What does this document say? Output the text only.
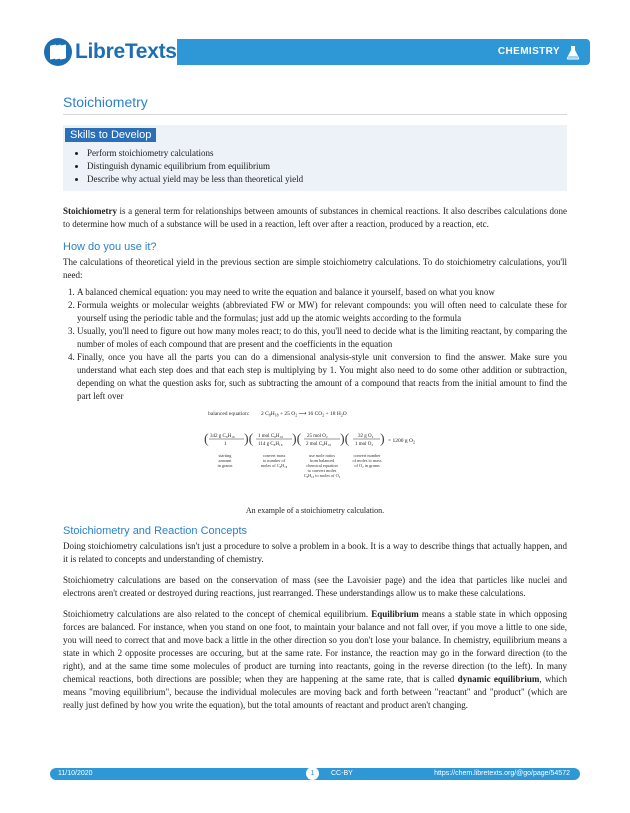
LibreTexts	CHEMISTRY
Stoichiometry
Skills to Develop
• Perform stoichiometry calculations
• Distinguish dynamic equilibrium from equilibrium
• Describe why actual yield may be less than theoretical yield

Stoichiometry is a general term for relationships between amounts of substances in chemical reactions. It also describes calculations done to determine how much of a substance will be used in a reaction, left over after a reaction, produced by a reaction, etc.

How do you use it?

The calculations of theoretical yield in the previous section are simple stoichiometry calculations. To do stoichiometry calculations, you'll need:

1. A balanced chemical equation: you may need to write the equation and balance it yourself, based on what you know
2. Formula weights or molecular weights (abbreviated FW or MW) for relevant compounds: you will often need to calculate these for yourself using the periodic table and the formulas; just add up the atomic weights according to the formula
3. Usually, you'll need to figure out how many moles react; to do this, you'll need to decide what is the limiting reactant, by comparing the number of moles of each compound that are present and the coefficients in the equation
4. Finally, once you have all the parts you can do a dimensional analysis-style unit conversion to find the answer. Make sure you understand what each step does and that each step is multiplying by 1. You might also need to do some other addition or subtraction, depending on what the question asks for, such as subtracting the amount of a compound that reacts from the initial amount to find the part left over
balanced equation: 2 $C_8H_{18} + 25$ $O_2$ ⟶ 16 $CO_2 + 18$ $H_2O$
( 342 g C₈H₁₈
1 )( 1 mol C₈H₁₈
114 g C₈H₁₈ )( 25 mol O₂
2 mol C₈H₁₈ )( 32 g O₂
1 mol O₂ ) = 1200 g $O_2$
starting
amount
in grams
convert mass
to number of
moles of C₈H₁₈
use mole ratios
from balanced
chemical equation
to convert moles
C₈H₁₈ to moles of O₂
convert number
of moles to mass
of O₂ in grams
An example of a stoichiometry calculation.
Stoichiometry and Reaction Concepts

Doing stoichiometry calculations isn't just a procedure to solve a problem in a book. It is a way to describe things that actually happen, and it is related to concepts and understanding of chemistry.

Stoichiometry calculations are based on the conservation of mass (see the Lavoisier page) and the idea that particles like nuclei and electrons aren't created or destroyed during reactions, just rearranged. These understandings allow us to make these calculations.

Stoichiometry calculations are also related to the concept of chemical equilibrium. Equilibrium means a stable state in which opposing forces are balanced. For instance, when you stand on one foot, to maintain your balance and not fall over, if you move a little to one side, you will need to correct that and move back a little in the other direction so you don't lose your balance. In chemistry, equilibrium means a state in which 2 opposite processes are occuring, but at the same rate. For instance, the reaction may go in the forward direction (to the right), and at the same time some molecules of product are turning into reactants, going in the reverse direction (to the left). In many chemical reactions, both directions are possible; when they are happening at the same rate, that is called dynamic equilibrium, which means "moving equilibrium", because the individual molecules are moving back and forth between "reactant" and "product" (which are really just defined by how you write the equation), but the total amounts of reactant and product aren't changing.

11/10/2020	1	CC-BY	https://chem.libretexts.org/@go/page/54572
